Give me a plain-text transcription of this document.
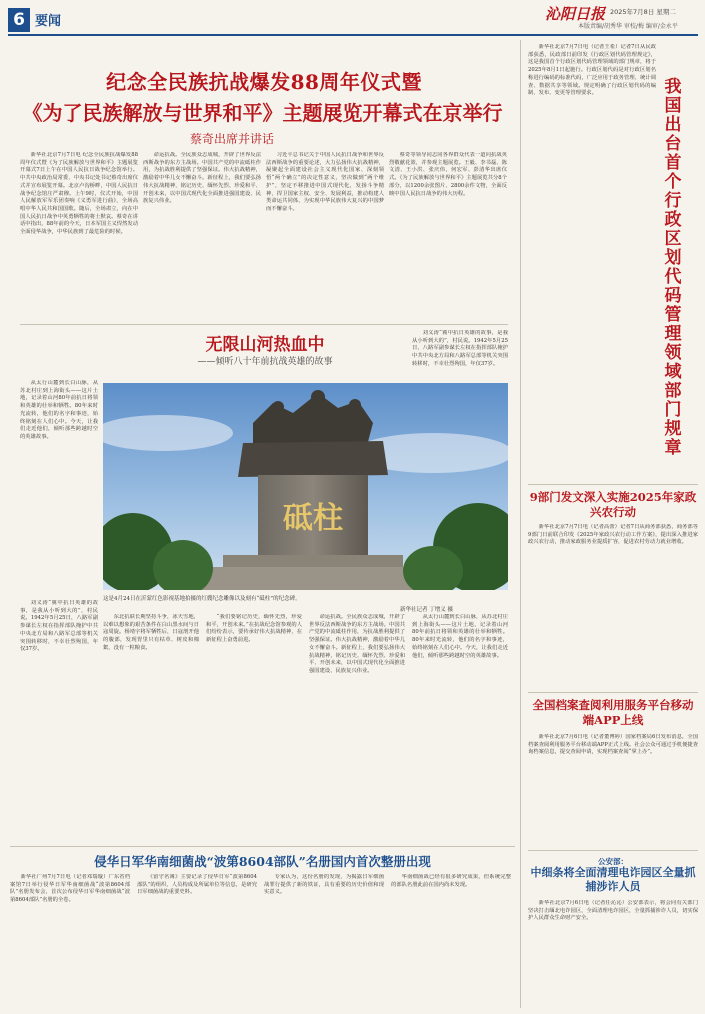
6 要闻	沁阳日报 2025年7月8日 星期二
本版责编/胡秀华 审校/梅 编审/金永平
纪念全民族抗战爆发88周年仪式暨
《为了民族解放与世界和平》主题展览开幕式在京举行
蔡奇出席并讲话

新华社北京7月7日电 纪念全民族抗战爆发88周年仪式暨《为了民族解放与世界和平》主题展览开幕式7日上午在中国人民抗日战争纪念馆举行。中共中央政治局常委、中央书记处书记蔡奇出席仪式并宣布展览开幕。北京卢沟桥畔，中国人民抗日战争纪念馆庄严肃穆。上午9时，仪式开始，中国人民解放军军乐团奏响《义勇军进行曲》，全场高唱中华人民共和国国歌。随后，全场肃立，向在中国人民抗日战争中英勇牺牲的将士默哀。蔡奇在讲话中指出，88年前的今天，日本军国主义悍然发动全面侵华战争，中华民族到了最危险的时候。

命运抗战。全民族众志成城，开辟了世界反法西斯战争的东方主战场。中国共产党的中流砥柱作用，为抗战胜利提供了坚强保证。伟大抗战精神，激励着中华儿女不懈奋斗。新征程上，我们要弘扬伟大抗战精神，铭记历史、缅怀先烈、珍爱和平、开创未来，以中国式现代化全面推进强国建设、民族复兴伟业。

习近平总书记关于中国人民抗日战争和世界反法西斯战争的重要论述，大力弘扬伟大抗战精神，凝聚起全面建设社会主义现代化国家、深刻领悟“两个确立”的决定性意义，坚决做到“两个维护”，坚定不移推进中国式现代化，发扬斗争精神，捍卫国家主权、安全、发展利益，推动构建人类命运共同体，为实现中华民族伟大复兴的中国梦而不懈奋斗。

蔡奇等领导同志同各界群众代表一道向抗战英烈敬献花篮，并参观主题展览。王毅、李书磊、陈文清、王小洪、张庆伟，何宏军、彭清华出席仪式。《为了民族解放与世界和平》主题展览共分8个部分，以1200余张图片、2800余件文物，全面反映中国人民抗日战争的伟大历程。

无限山河热血中
——倾听八十年前抗战英雄的故事

从太行山麓到长白山脉，从苏北村庄到上海街头——这片土地，记录着山河80年前抗日将领和英雄的壮举和牺牲。80年来时光流转，他们的名字和事迹，始终铭刻在人们心中。今天，让我们走近他们，倾听那些跨越时空的英雄故事。

刘义涛“冀中抗日英雄的故事，是我从小听到大的”，村民说。1942年5月25日，八路军副参谋长左权在指挥部队掩护中共中央北方局和八路军总部等机关突围转移时，不幸壮烈殉国，年仅37岁。

砥柱
这是4月24日在沂蒙红色影视基地拍摄的红嫂纪念雕像以及刻有“砥柱”的纪念碑。
新华社记者 丁增义 摄

东北抗联长期坚持斗争，冰天雪地，以难以想象的艰苦条件在白山黑水间与日寇周旋。杨靖宇将军牺牲后，日寇剖开他的腹部，发现胃里只有枯草、树皮和棉絮，没有一粒粮食。

“我们要铭记历史，缅怀先烈，珍爱和平，开创未来。”在抗战纪念馆参观的人们纷纷表示，要传承好伟大抗战精神，在新征程上奋勇前进。

命运抗战。全民族众志成城，开辟了世界反法西斯战争的东方主战场。中国共产党的中流砥柱作用，为抗战胜利提供了坚强保证。伟大抗战精神，激励着中华儿女不懈奋斗。新征程上，我们要弘扬伟大抗战精神，铭记历史、缅怀先烈、珍爱和平、开创未来，以中国式现代化全面推进强国建设、民族复兴伟业。

刘义涛“冀中抗日英雄的故事，是我从小听到大的”，村民说。1942年5月25日，八路军副参谋长左权在指挥部队掩护中共中央北方局和八路军总部等机关突围转移时，不幸壮烈殉国，年仅37岁。

从太行山麓到长白山脉，从苏北村庄到上海街头——这片土地，记录着山河80年前抗日将领和英雄的壮举和牺牲。80年来时光流转，他们的名字和事迹，始终铭刻在人们心中。今天，让我们走近他们，倾听那些跨越时空的英雄故事。

侵华日军华南细菌战“波第8604部队”名册国内首次整册出现

新华社广州7月7日电（记者邓瑞璇）广东省档案馆7日举行侵华日军华南细菌战“波第8604部队”名册发布会，首次公布侵华日军华南细菌战“波第8604部队”名册的全卷。

《留守名簿》主要记录了侵华日军“波第8604部队”的组织、人员构成及所属单位等信息，是研究日军细菌战的重要史料。

专家认为，这份名册的发现，为揭露日军细菌战罪行提供了新的铁证，具有重要的历史价值和现实意义。

华南细菌战已经有很多研究成果，但系统完整的部队名册此前在国内尚未发现。

新华社北京7月7日电（记者王希）记者7日从民政部获悉，民政部日前印发《行政区划代码管理规定》，这是我国首个行政区划代码管理领域的部门规章，将于2025年8月1日起施行。行政区划代码是对行政区划名称进行编码的标准代码，广泛应用于政务管理、统计调查、数据共享等领域。规定明确了行政区划代码的编制、发布、变更等管理要求。	我国出台首个行政区划代码管理领域部门规章
9部门发文深入实施2025年家政兴农行动

新华社北京7月7日电（记者高蕾）记者7日从商务部获悉，商务部等9部门日前联合印发《2025年家政兴农行动工作方案》，提出深入推进家政兴农行动，推动家政服务业提质扩容，促进农村劳动力就业增收。

全国档案查阅利用服务平台移动端APP上线

新华社北京7月6日电（记者董博婷）国家档案局6日发布消息，全国档案查阅利用服务平台移动端APP正式上线。社会公众可通过手机便捷查询档案信息，提交查阅申请，实现档案查阅“掌上办”。

公安部：
中细条将全面清理电诈园区全量抓捕涉诈人员

新华社北京7月6日电（记者任沁沁）公安部表示，将会同有关部门坚决打击缅北电诈园区，全面清理电诈园区，全量抓捕涉诈人员，切实保护人民群众生命财产安全。
